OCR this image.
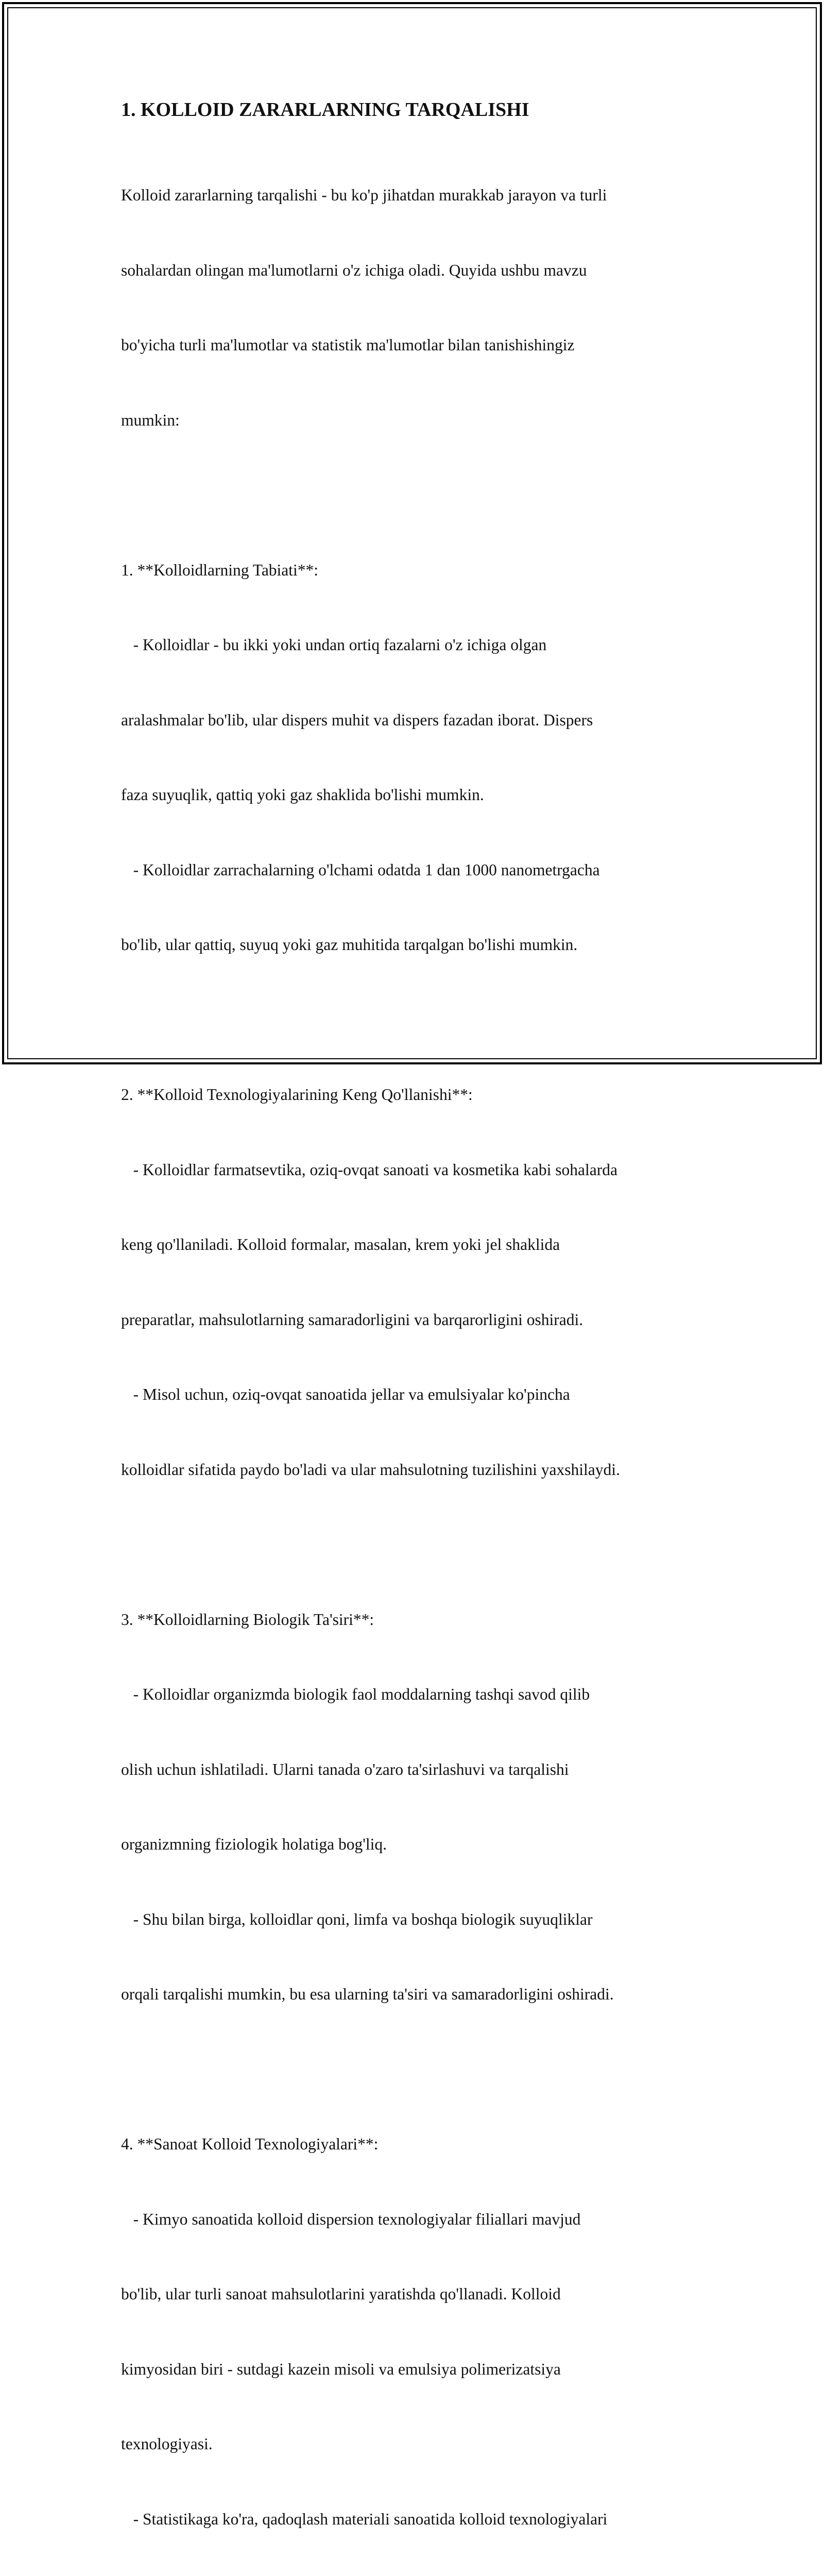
1. KOLLOID ZARARLARNING TARQALISHI

Kolloid zararlarning tarqalishi - bu ko'p jihatdan murakkab jarayon va turli

sohalardan olingan ma'lumotlarni o'z ichiga oladi. Quyida ushbu mavzu

bo'yicha turli ma'lumotlar va statistik ma'lumotlar bilan tanishishingiz

mumkin:

1. **Kolloidlarning Tabiati**:

- Kolloidlar - bu ikki yoki undan ortiq fazalarni o'z ichiga olgan

aralashmalar bo'lib, ular dispers muhit va dispers fazadan iborat. Dispers

faza suyuqlik, qattiq yoki gaz shaklida bo'lishi mumkin.

- Kolloidlar zarrachalarning o'lchami odatda 1 dan 1000 nanometrgacha

bo'lib, ular qattiq, suyuq yoki gaz muhitida tarqalgan bo'lishi mumkin.

2. **Kolloid Texnologiyalarining Keng Qo'llanishi**:

- Kolloidlar farmatsevtika, oziq-ovqat sanoati va kosmetika kabi sohalarda

keng qo'llaniladi. Kolloid formalar, masalan, krem yoki jel shaklida

preparatlar, mahsulotlarning samaradorligini va barqarorligini oshiradi.

- Misol uchun, oziq-ovqat sanoatida jellar va emulsiyalar ko'pincha

kolloidlar sifatida paydo bo'ladi va ular mahsulotning tuzilishini yaxshilaydi.

3. **Kolloidlarning Biologik Ta'siri**:

- Kolloidlar organizmda biologik faol moddalarning tashqi savod qilib

olish uchun ishlatiladi. Ularni tanada o'zaro ta'sirlashuvi va tarqalishi

organizmning fiziologik holatiga bog'liq.

- Shu bilan birga, kolloidlar qoni, limfa va boshqa biologik suyuqliklar

orqali tarqalishi mumkin, bu esa ularning ta'siri va samaradorligini oshiradi.

4. **Sanoat Kolloid Texnologiyalari**:

- Kimyo sanoatida kolloid dispersion texnologiyalar filiallari mavjud

bo'lib, ular turli sanoat mahsulotlarini yaratishda qo'llanadi. Kolloid

kimyosidan biri - sutdagi kazein misoli va emulsiya polimerizatsiya

texnologiyasi.

- Statistikaga ko'ra, qadoqlash materiali sanoatida kolloid texnologiyalari
